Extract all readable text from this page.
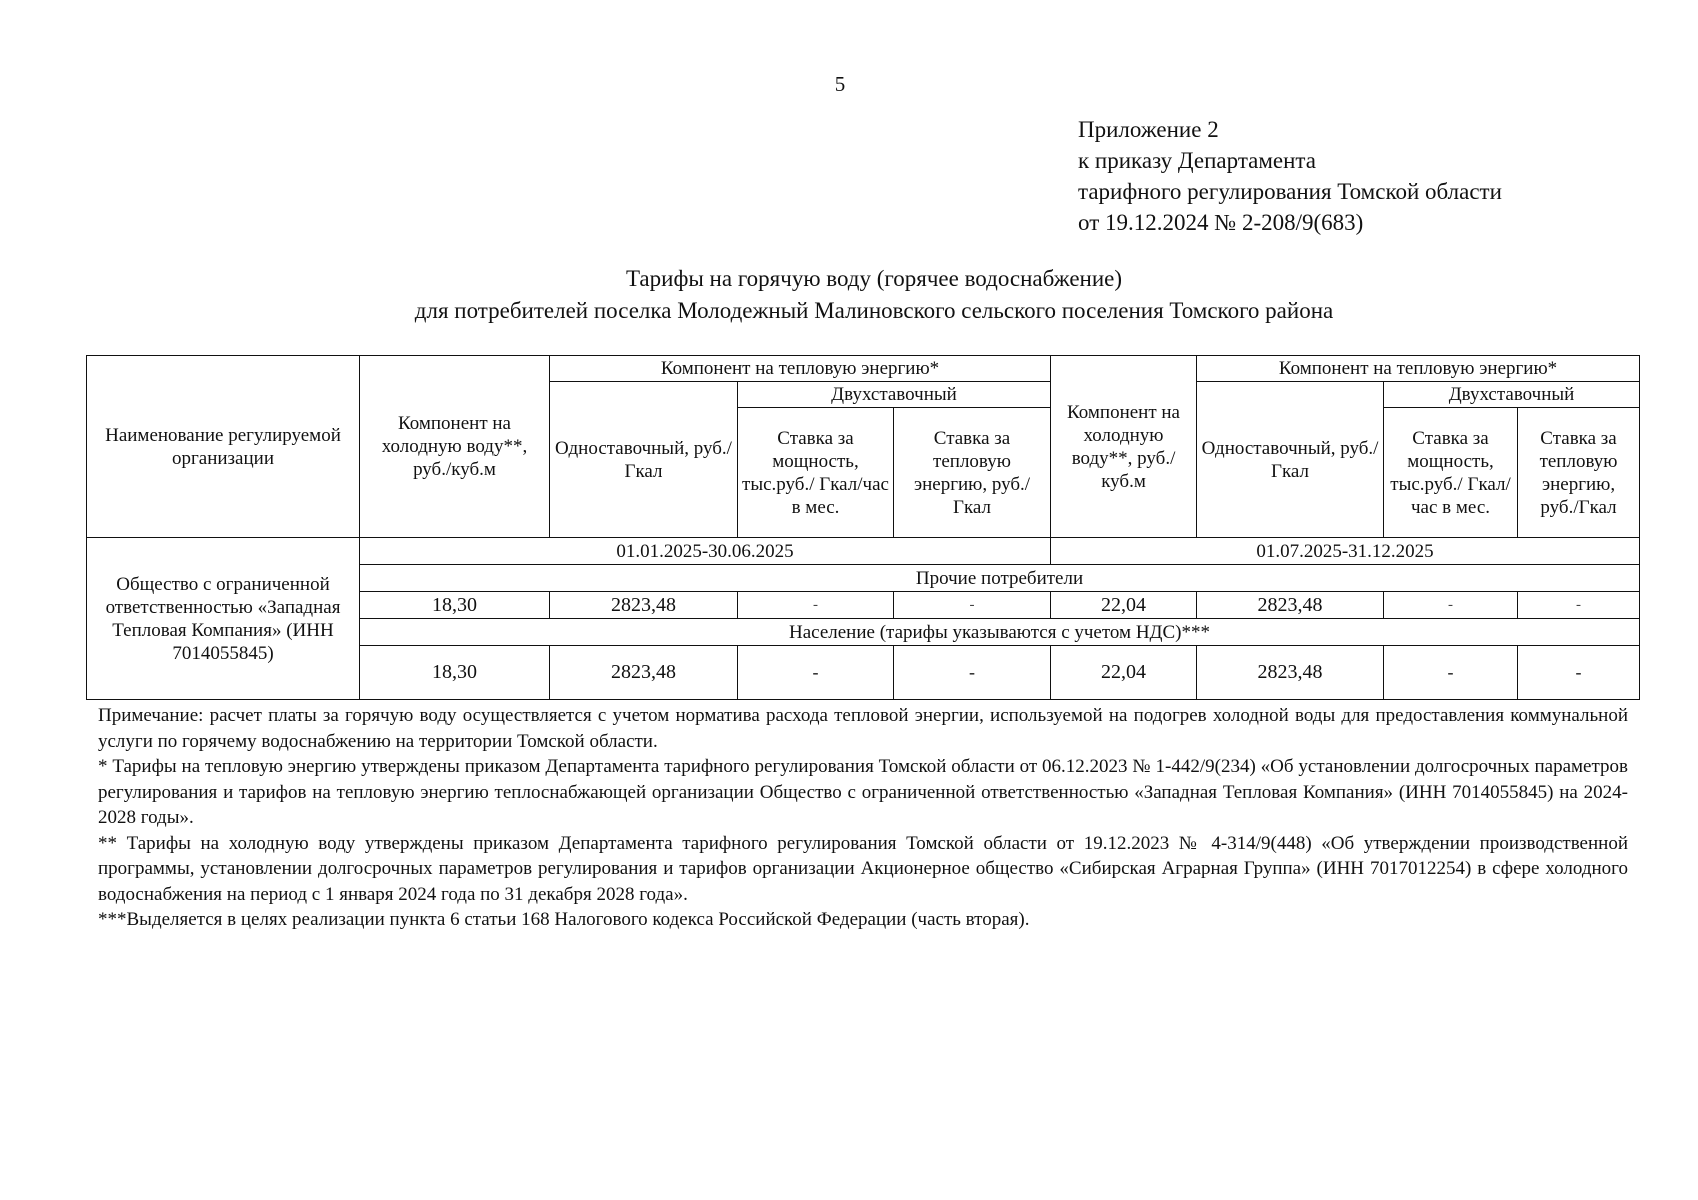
5
Приложение 2
к приказу Департамента
тарифного регулирования Томской области
от 19.12.2024 № 2-208/9(683)
Тарифы на горячую воду (горячее водоснабжение)
для потребителей поселка Молодежный Малиновского сельского поселения Томского района
Наименование регулируемой организации	Компонент на холодную воду**, руб./куб.м	Компонент на тепловую энергию*			Компонент на холодную воду**, руб./куб.м	Компонент на тепловую энергию*		
		Одноставочный, руб./Гкал	Двухставочный			Одноставочный, руб./Гкал	Двухставочный	
			Ставка за мощность, тыс.руб./ Гкал/час в мес.	Ставка за тепловую энергию, руб./Гкал			Ставка за мощность, тыс.руб./ Гкал/час в мес.	Ставка за тепловую энергию, руб./Гкал

Общество с ограниченной ответственностью «Западная Тепловая Компания» (ИНН 7014055845)	01.01.2025-30.06.2025				01.07.2025-31.12.2025			
	Прочие потребители							
	18,30	2823,48	-	-	22,04	2823,48	-	-
	Население (тарифы указываются с учетом НДС)***							
	18,30	2823,48	-	-	22,04	2823,48	-	-

Примечание: расчет платы за горячую воду осуществляется с учетом норматива расхода тепловой энергии, используемой на подогрев холодной воды для предоставления коммунальной услуги по горячему водоснабжению на территории Томской области.

* Тарифы на тепловую энергию утверждены приказом Департамента тарифного регулирования Томской области от 06.12.2023 № 1-442/9(234) «Об установлении долгосрочных параметров регулирования и тарифов на тепловую энергию теплоснабжающей организации Общество с ограниченной ответственностью «Западная Тепловая Компания» (ИНН 7014055845) на 2024-2028 годы».

** Тарифы на холодную воду утверждены приказом Департамента тарифного регулирования Томской области от 19.12.2023 № 4-314/9(448) «Об утверждении производственной программы, установлении долгосрочных параметров регулирования и тарифов организации Акционерное общество «Сибирская Аграрная Группа» (ИНН 7017012254) в сфере холодного водоснабжения на период с 1 января 2024 года по 31 декабря 2028 года».

***Выделяется в целях реализации пункта 6 статьи 168 Налогового кодекса Российской Федерации (часть вторая).
